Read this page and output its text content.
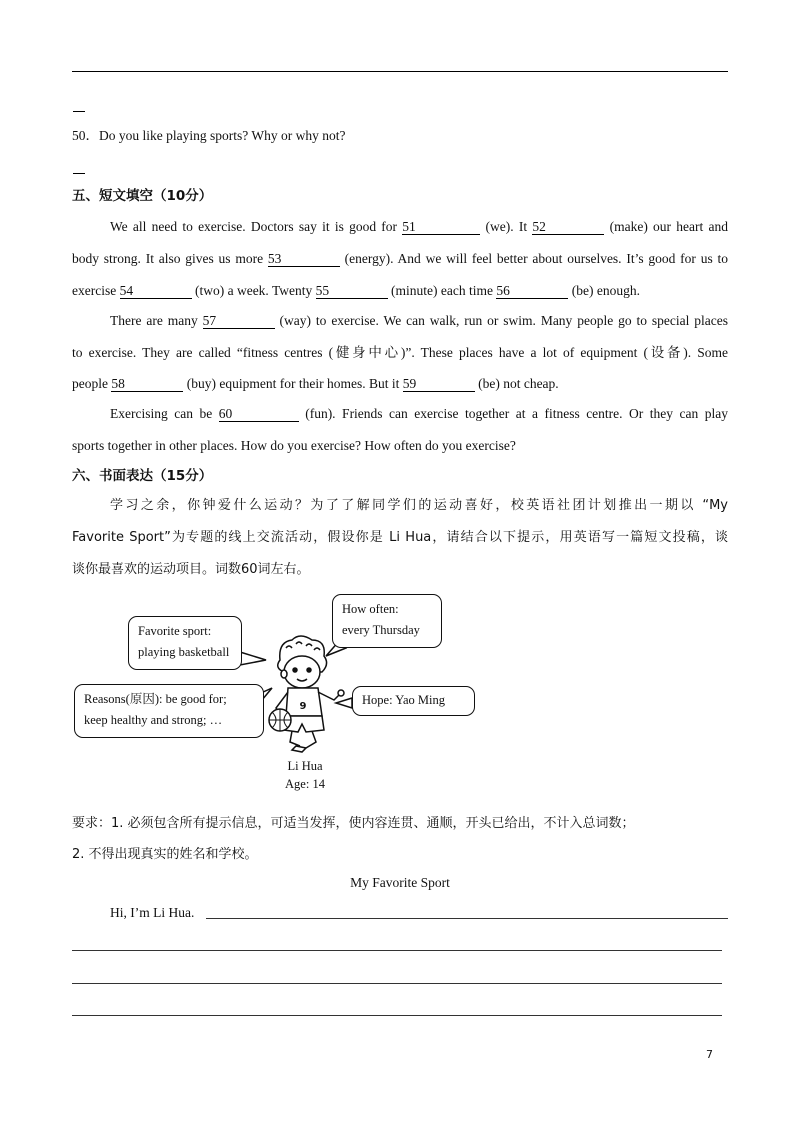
50．Do you like playing sports? Why or why not?
五、短文填空（10分）
We all need to exercise. Doctors say it is good for 51	(we). It 52	(make) our heart and
body strong. It also gives us more 53	(energy). And we will feel better about ourselves. It’s good for us to
exercise 54	(two) a week. Twenty 55	(minute) each time 56	(be) enough.
There are many 57	(way) to exercise. We can walk, run or swim. Many people go to special places
to exercise. They are called “fitness centres (健身中心)”. These places have a lot of equipment (设备). Some
people 58	(buy) equipment for their homes. But it 59	(be) not cheap.
Exercising can be 60	(fun). Friends can exercise together at a fitness centre. Or they can play
sports together in other places. How do you exercise? How often do you exercise?
六、书面表达（15分）
学习之余，你钟爱什么运动？为了了解同学们的运动喜好，校英语社团计划推出一期以 “My
Favorite Sport”为专题的线上交流活动，假设你是 Li Hua，请结合以下提示，用英语写一篇短文投稿，谈
谈你最喜欢的运动项目。词数60词左右。
9
Favorite sport:
playing basketball
How often:
every Thursday
Reasons(原因): be good for;
keep healthy and strong; …
Hope: Yao Ming
Li Hua
Age: 14
要求：1. 必须包含所有提示信息，可适当发挥，使内容连贯、通顺，开头已给出，不计入总词数；
2. 不得出现真实的姓名和学校。
My Favorite Sport
Hi, I’m Li Hua.
7
